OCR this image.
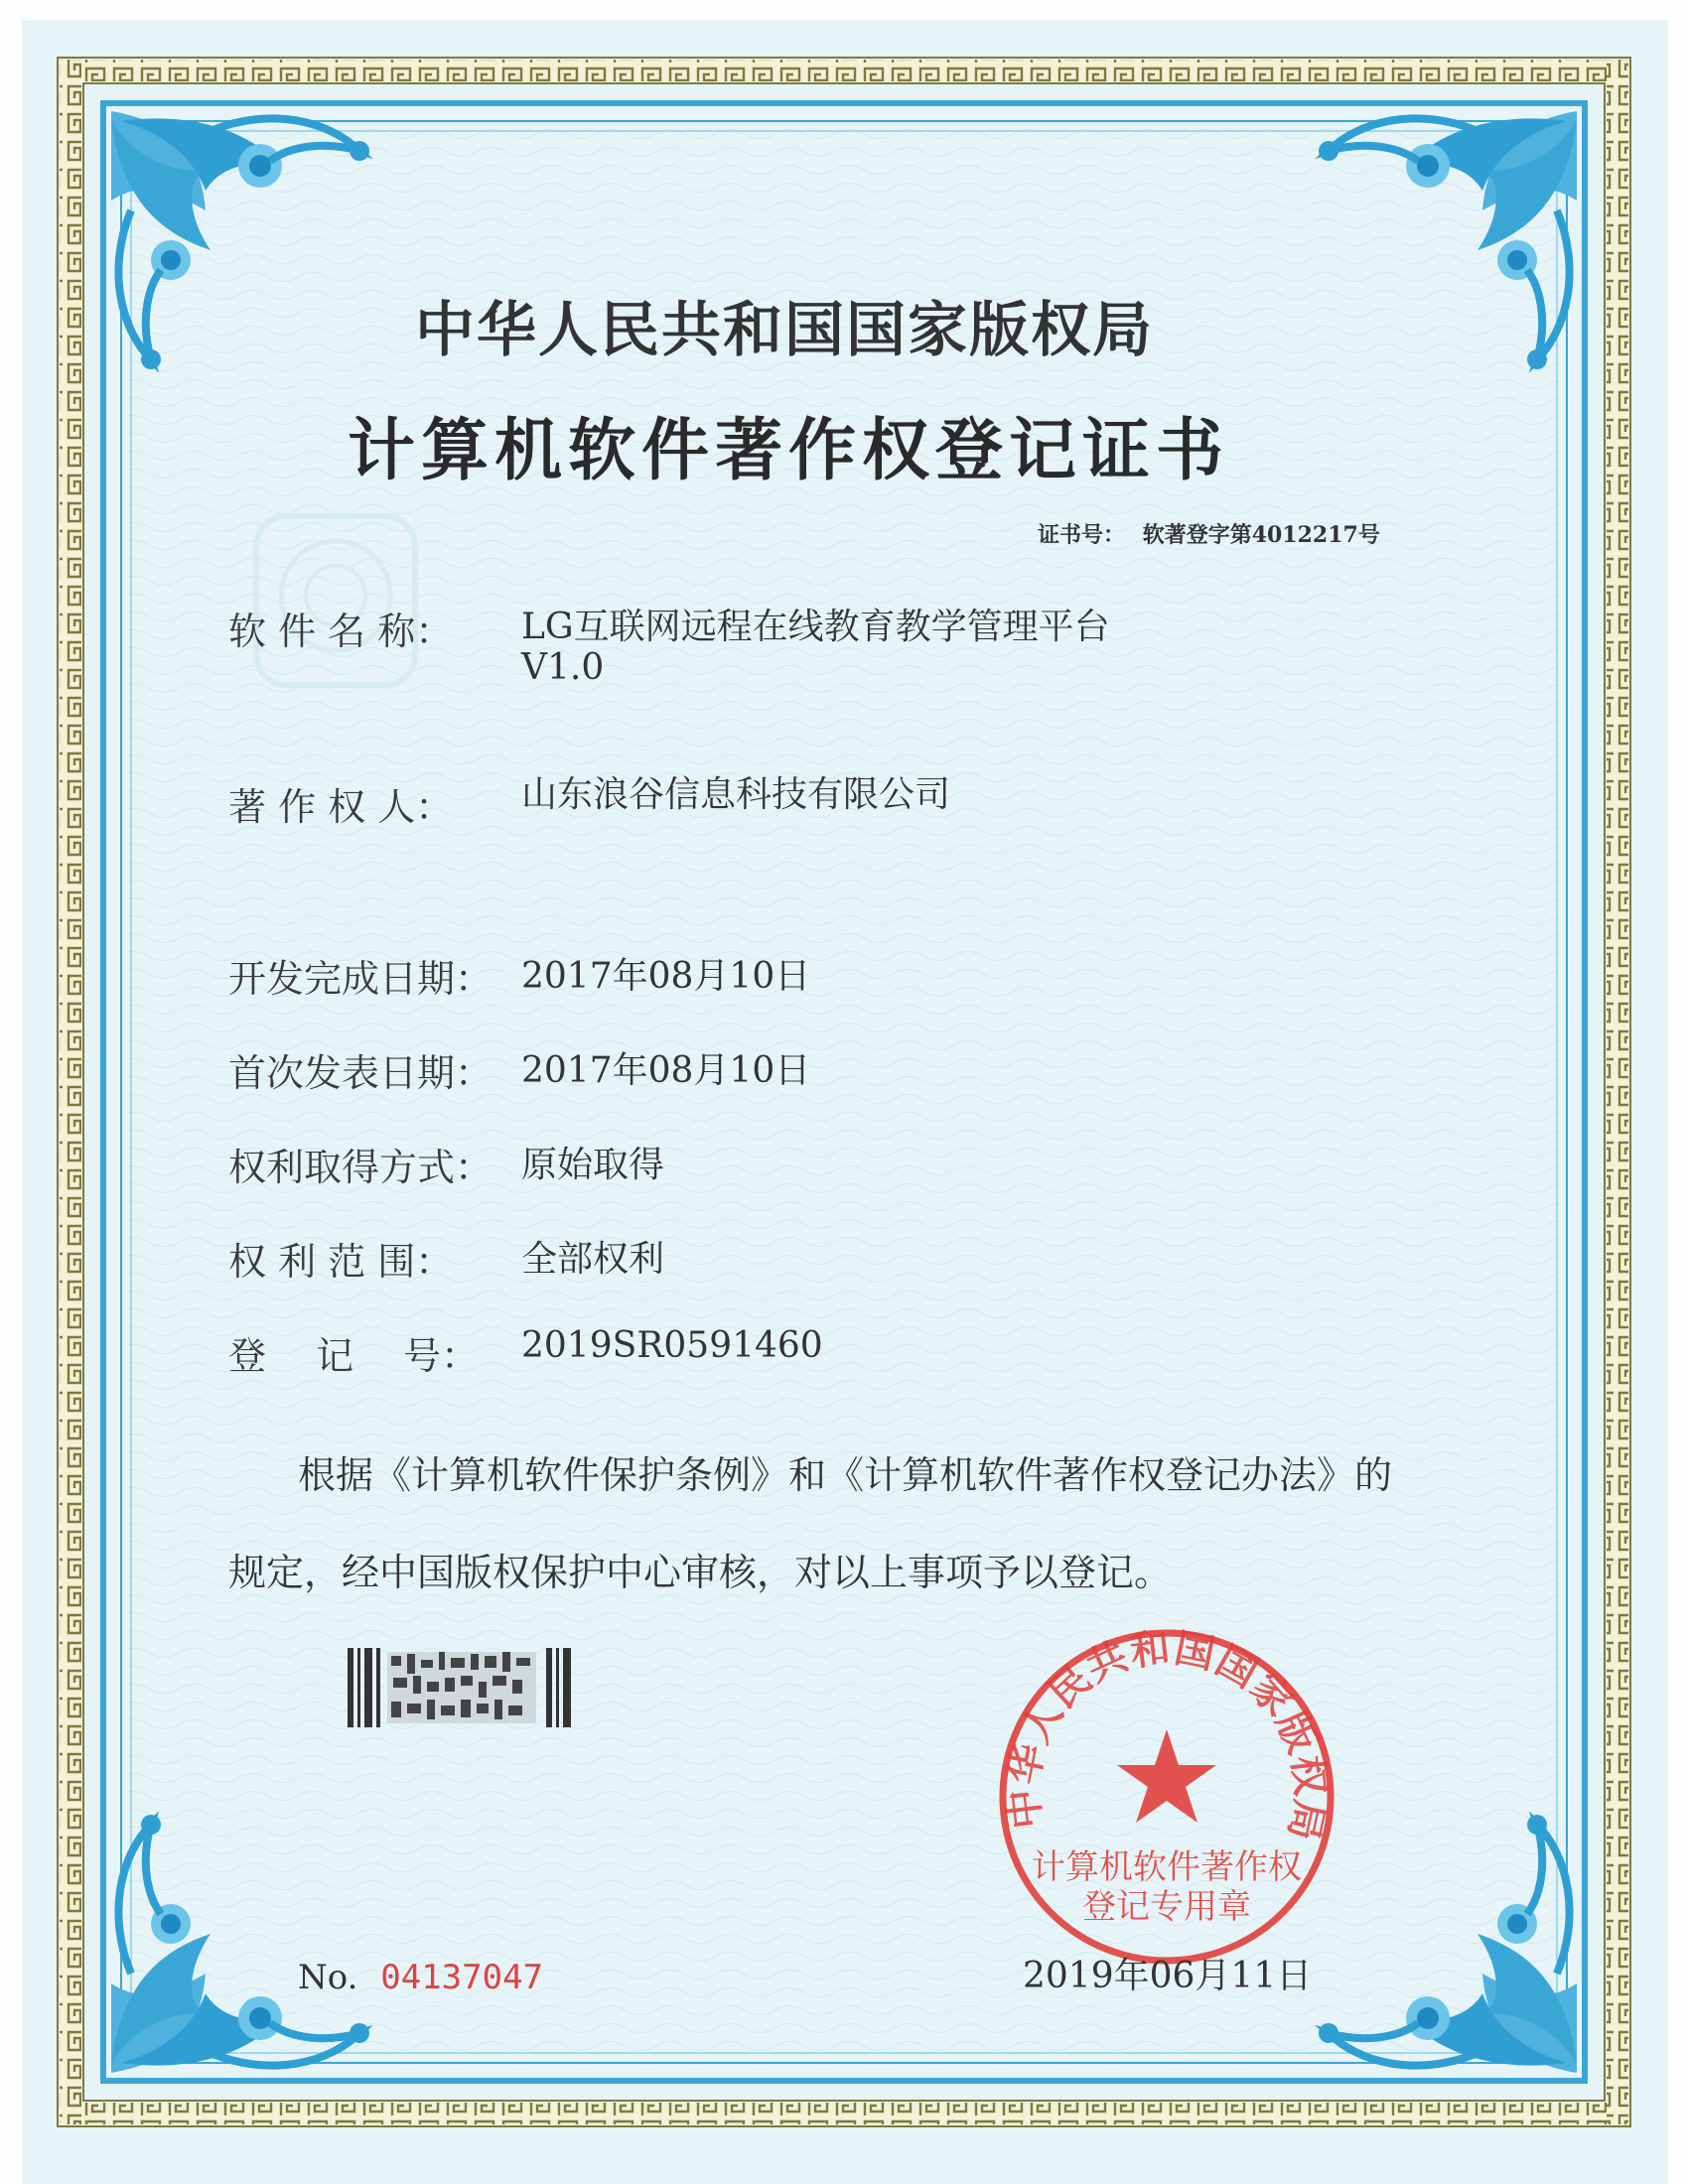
中华人民共和国国家版权局
计算机软件著作权登记证书
证书号： 软著登字第4012217号
软 件 名 称： LG互联网远程在线教育教学管理平台
V1.0
著 作 权 人： 山东浪谷信息科技有限公司
开发完成日期： 2017年08月10日
首次发表日期： 2017年08月10日
权利取得方式： 原始取得
权 利 范 围： 全部权利
登 　记 　号： 2019SR0591460
根据《计算机软件保护条例》和《计算机软件著作权登记办法》的
规定，经中国版权保护中心审核，对以上事项予以登记。
中华人民共和国国家版权局
计算机软件著作权
登记专用章
No. 04137047	2019年06月11日
